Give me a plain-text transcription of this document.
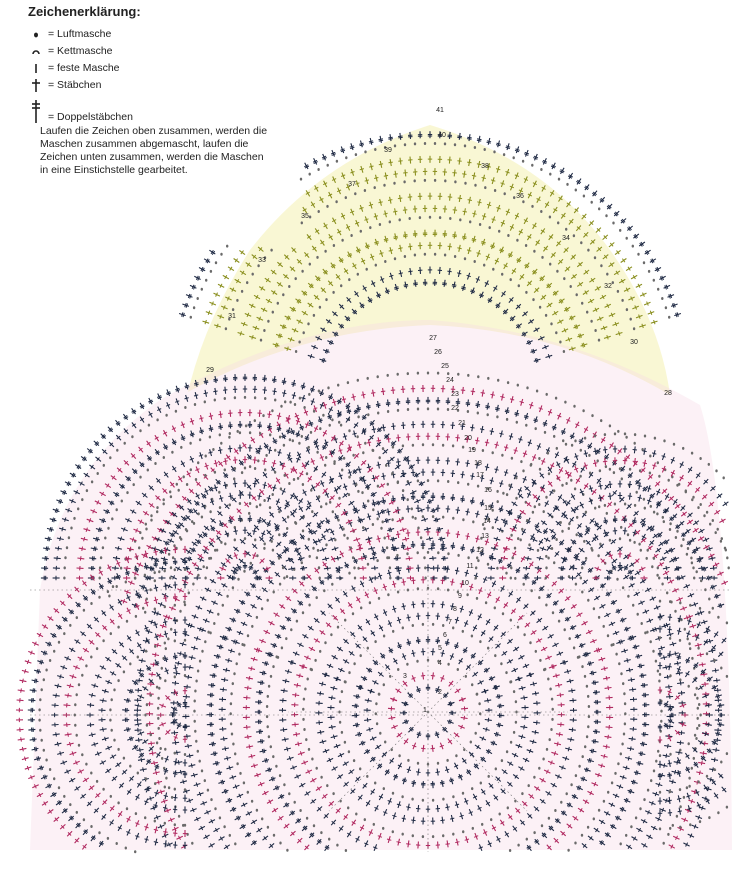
1
2
3
4
5
6
7
8
9
10
11
12
13
14
15
16
17
18
19
20
21
22
23
24
25
26
27
28
29
30
31
32
33
34
35
36
37
38
39
40
41
Zeichenerklärung:
= Luftmasche
= Kettmasche
= feste Masche
= Stäbchen
= Doppelstäbchen
Laufen die Zeichen oben zusammen, werden die Maschen zusammen abgemascht, laufen die Zeichen unten zusammen, werden die Maschen in eine Einstichstelle gearbeitet.
